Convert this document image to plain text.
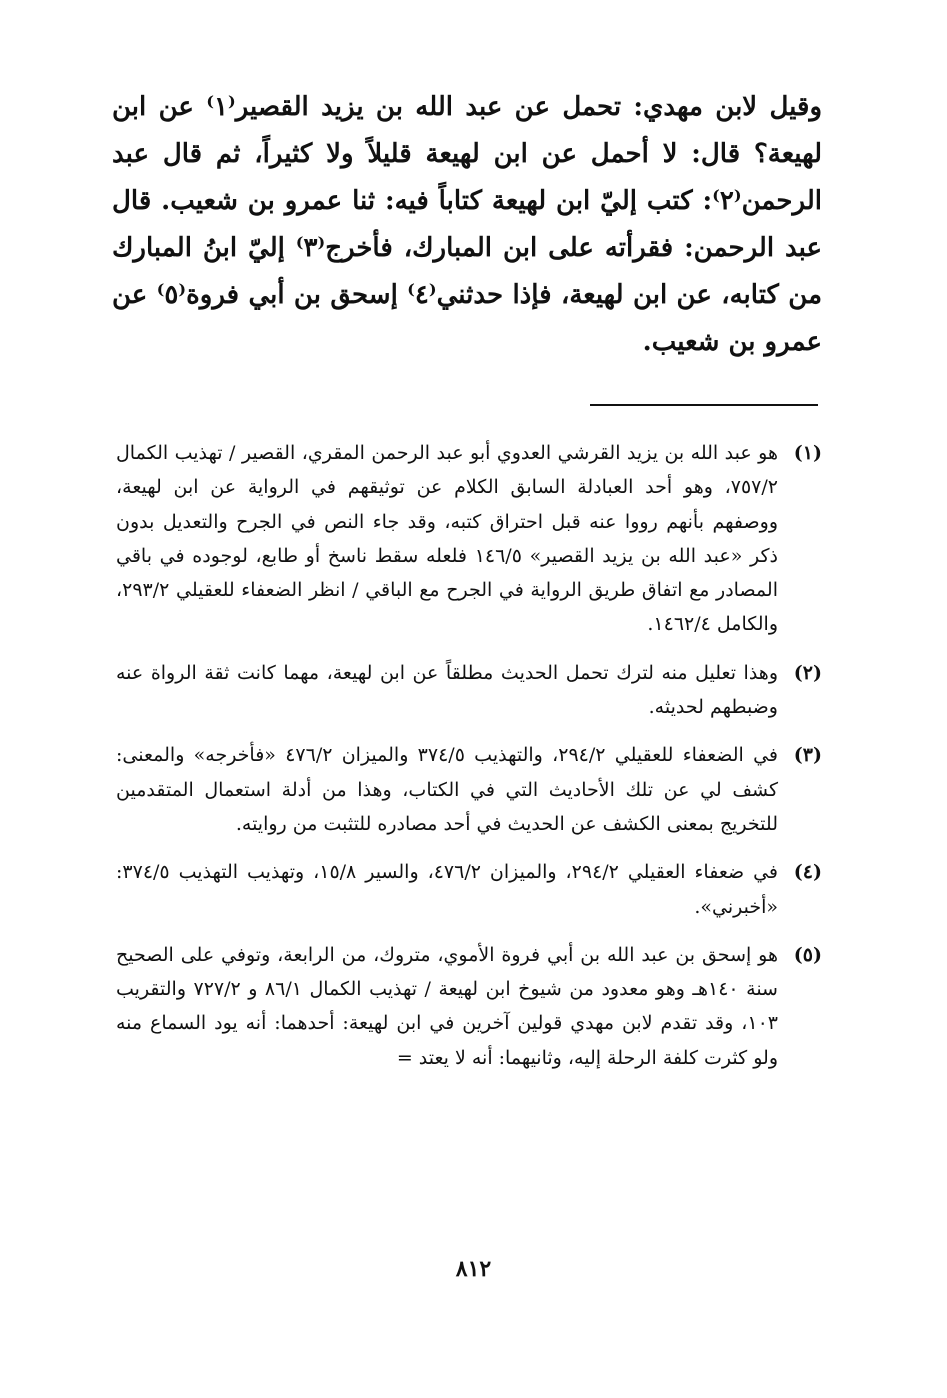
وقيل لابن مهدي: تحمل عن عبد الله بن يزيد القصير⁽١⁾ عن ابن لهيعة؟ قال: لا أحمل عن ابن لهيعة قليلاً ولا كثيراً، ثم قال عبد الرحمن⁽٢⁾: كتب إليّ ابن لهيعة كتاباً فيه: ثنا عمرو بن شعيب. قال عبد الرحمن: فقرأته على ابن المبارك، فأخرج⁽٣⁾ إليّ ابنُ المبارك من كتابه، عن ابن لهيعة، فإذا حدثني⁽٤⁾ إسحق بن أبي فروة⁽٥⁾ عن عمرو بن شعيب.

(١)
هو عبد الله بن يزيد القرشي العدوي أبو عبد الرحمن المقري، القصير / تهذيب الكمال ٧٥٧/٢، وهو أحد العبادلة السابق الكلام عن توثيقهم في الرواية عن ابن لهيعة، ووصفهم بأنهم رووا عنه قبل احتراق كتبه، وقد جاء النص في الجرح والتعديل بدون ذكر «عبد الله بن يزيد القصير» ١٤٦/٥ فلعله سقط ناسخ أو طابع، لوجوده في باقي المصادر مع اتفاق طريق الرواية في الجرح مع الباقي / انظر الضعفاء للعقيلي ٢٩٣/٢، والكامل ١٤٦٢/٤.
(٢)
وهذا تعليل منه لترك تحمل الحديث مطلقاً عن ابن لهيعة، مهما كانت ثقة الرواة عنه وضبطهم لحديثه.
(٣)
في الضعفاء للعقيلي ٢٩٤/٢، والتهذيب ٣٧٤/٥ والميزان ٤٧٦/٢ «فأخرجه» والمعنى: كشف لي عن تلك الأحاديث التي في الكتاب، وهذا من أدلة استعمال المتقدمين للتخريج بمعنى الكشف عن الحديث في أحد مصادره للتثبت من روايته.
(٤)
في ضعفاء العقيلي ٢٩٤/٢، والميزان ٤٧٦/٢، والسير ١٥/٨، وتهذيب التهذيب ٣٧٤/٥: «أخبرني».
(٥)
هو إسحق بن عبد الله بن أبي فروة الأموي، متروك، من الرابعة، وتوفي على الصحيح سنة ١٤٠هـ وهو معدود من شيوخ ابن لهيعة / تهذيب الكمال ٨٦/١ و ٧٢٧/٢ والتقريب ١٠٣، وقد تقدم لابن مهدي قولين آخرين في ابن لهيعة: أحدهما: أنه يود السماع منه ولو كثرت كلفة الرحلة إليه، وثانيهما: أنه لا يعتد =
٨١٢
